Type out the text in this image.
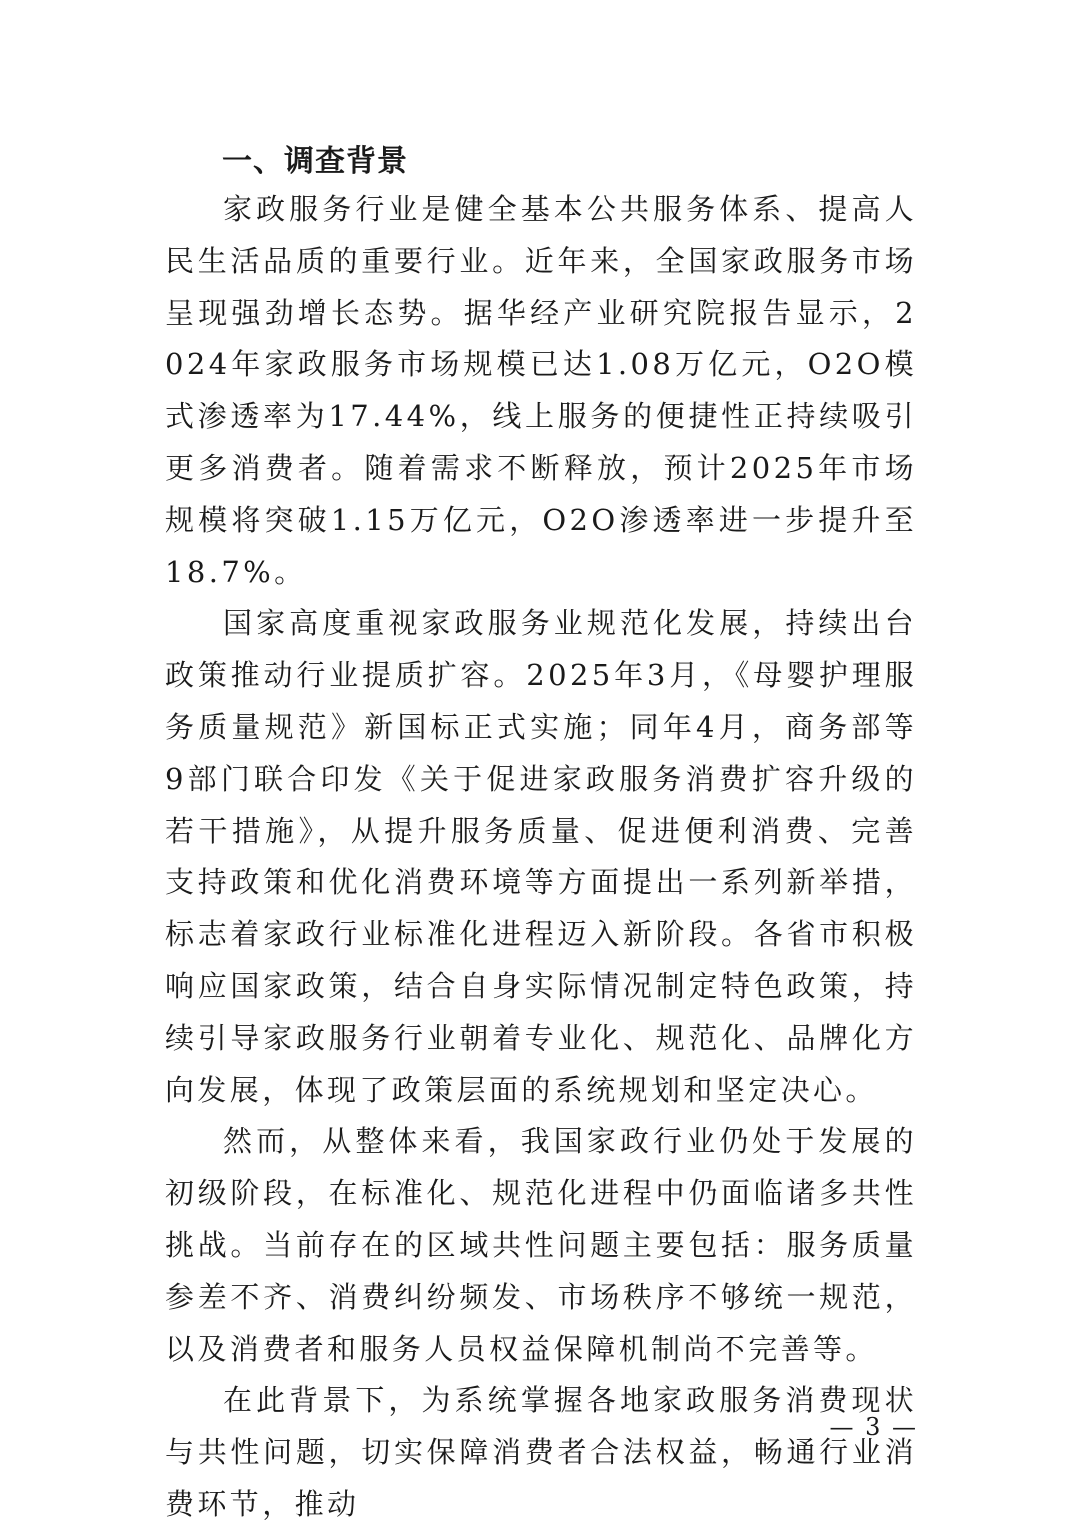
一、调查背景

家政服务行业是健全基本公共服务体系、提高人民生活品质的重要行业。近年来，全国家政服务市场呈现强劲增长态势。据华经产业研究院报告显示，2024年家政服务市场规模已达1.08万亿元，O2O模式渗透率为17.44%，线上服务的便捷性正持续吸引更多消费者。随着需求不断释放，预计2025年市场规模将突破1.15万亿元，O2O渗透率进一步提升至18.7%。

国家高度重视家政服务业规范化发展，持续出台政策推动行业提质扩容。2025年3月，《母婴护理服务质量规范》新国标正式实施；同年4月，商务部等9部门联合印发《关于促进家政服务消费扩容升级的若干措施》，从提升服务质量、促进便利消费、完善支持政策和优化消费环境等方面提出一系列新举措，标志着家政行业标准化进程迈入新阶段。各省市积极响应国家政策，结合自身实际情况制定特色政策，持续引导家政服务行业朝着专业化、规范化、品牌化方向发展，体现了政策层面的系统规划和坚定决心。

然而，从整体来看，我国家政行业仍处于发展的初级阶段，在标准化、规范化进程中仍面临诸多共性挑战。当前存在的区域共性问题主要包括：服务质量参差不齐、消费纠纷频发、市场秩序不够统一规范，以及消费者和服务人员权益保障机制尚不完善等。

在此背景下，为系统掌握各地家政服务消费现状与共性问题，切实保障消费者合法权益，畅通行业消费环节，推动

— 3 —
